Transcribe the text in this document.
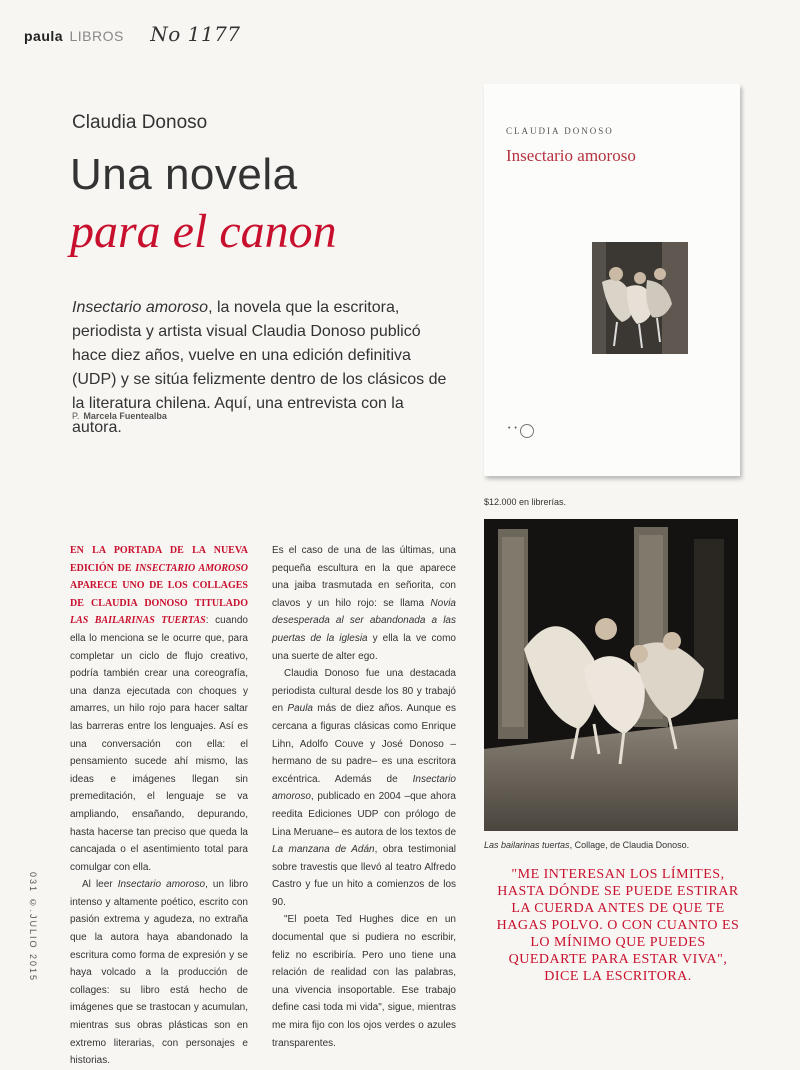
paula LIBROS No 1177
Claudia Donoso
Una novela
para el canon
Insectario amoroso, la novela que la escritora, periodista y artista visual Claudia Donoso publicó hace diez años, vuelve en una edición definitiva (UDP) y se sitúa felizmente dentro de los clásicos de la literatura chilena. Aquí, una entrevista con la autora.
P. Marcela Fuentealba
CLAUDIA DONOSO
Insectario amoroso
• •
$12.000 en librerías.
Las bailarinas tuertas, Collage, de Claudia Donoso.

EN LA PORTADA DE LA NUEVA EDICIÓN DE INSECTARIO AMOROSO APARECE UNO DE LOS COLLAGES DE CLAUDIA DONOSO TITULADO LAS BAILARINAS TUERTAS: cuando ella lo menciona se le ocurre que, para completar un ciclo de flujo creativo, podría también crear una coreografía, una danza ejecutada con choques y amarres, un hilo rojo para hacer saltar las barreras entre los lenguajes. Así es una conversación con ella: el pensamiento sucede ahí mismo, las ideas e imágenes llegan sin premeditación, el lenguaje se va ampliando, ensañando, depurando, hasta hacerse tan preciso que queda la cancajada o el asentimiento total para comulgar con ella.

Al leer Insectario amoroso, un libro intenso y altamente poético, escrito con pasión extrema y agudeza, no extraña que la autora haya abandonado la escritura como forma de expresión y se haya volcado a la producción de collages: su libro está hecho de imágenes que se trastocan y acumulan, mientras sus obras plásticas son en extremo literarias, con personajes e historias.

Es el caso de una de las últimas, una pequeña escultura en la que aparece una jaiba trasmutada en señorita, con clavos y un hilo rojo: se llama Novia desesperada al ser abandonada a las puertas de la iglesia y ella la ve como una suerte de alter ego.

Claudia Donoso fue una destacada periodista cultural desde los 80 y trabajó en Paula más de diez años. Aunque es cercana a figuras clásicas como Enrique Lihn, Adolfo Couve y José Donoso –hermano de su padre– es una escritora excéntrica. Además de Insectario amoroso, publicado en 2004 –que ahora reedita Ediciones UDP con prólogo de Lina Meruane– es autora de los textos de La manzana de Adán, obra testimonial sobre travestis que llevó al teatro Alfredo Castro y fue un hito a comienzos de los 90.

"El poeta Ted Hughes dice en un documental que si pudiera no escribir, feliz no escribiría. Pero uno tiene una relación de realidad con las palabras, una vivencia insoportable. Ese trabajo define casi toda mi vida", sigue, mientras me mira fijo con los ojos verdes o azules transparentes.

031 ©.JULIO 2015	"ME INTERESAN LOS LÍMITES, HASTA DÓNDE SE PUEDE ESTIRAR LA CUERDA ANTES DE QUE TE HAGAS POLVO. O CON CUANTO ES LO MÍNIMO QUE PUEDES QUEDARTE PARA ESTAR VIVA", DICE LA ESCRITORA.
